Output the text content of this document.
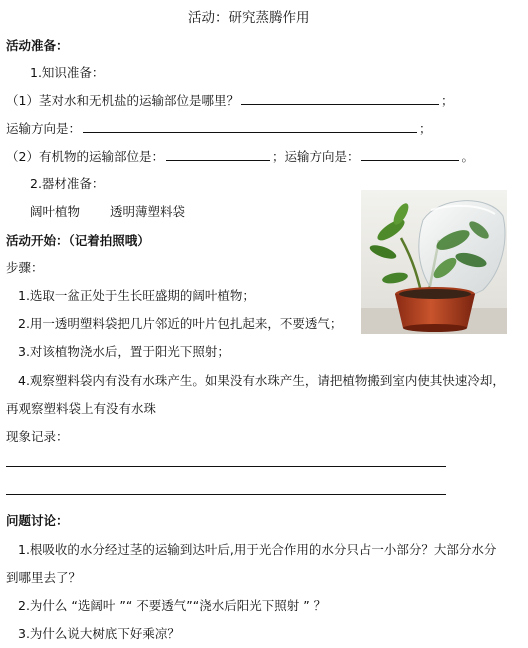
活动：研究蒸腾作用
活动准备：
1.知识准备：
（1）茎对水和无机盐的运输部位是哪里？	；
运输方向是：	；
（2）有机物的运输部位是：	；运输方向是：	。
2.器材准备：
阔叶植物 透明薄塑料袋
活动开始：（记着拍照哦）
步骤：
1.选取一盆正处于生长旺盛期的阔叶植物；
2.用一透明塑料袋把几片邻近的叶片包扎起来，不要透气；
3.对该植物浇水后，置于阳光下照射；
4.观察塑料袋内有没有水珠产生。如果没有水珠产生，请把植物搬到室内使其快速冷却，
再观察塑料袋上有没有水珠
现象记录：
问题讨论：
1.根吸收的水分经过茎的运输到达叶后,用于光合作用的水分只占一小部分？大部分水分
到哪里去了？
2.为什么 “选阔叶 ”“ 不要透气”“浇水后阳光下照射 ” ？
3.为什么说大树底下好乘凉？
